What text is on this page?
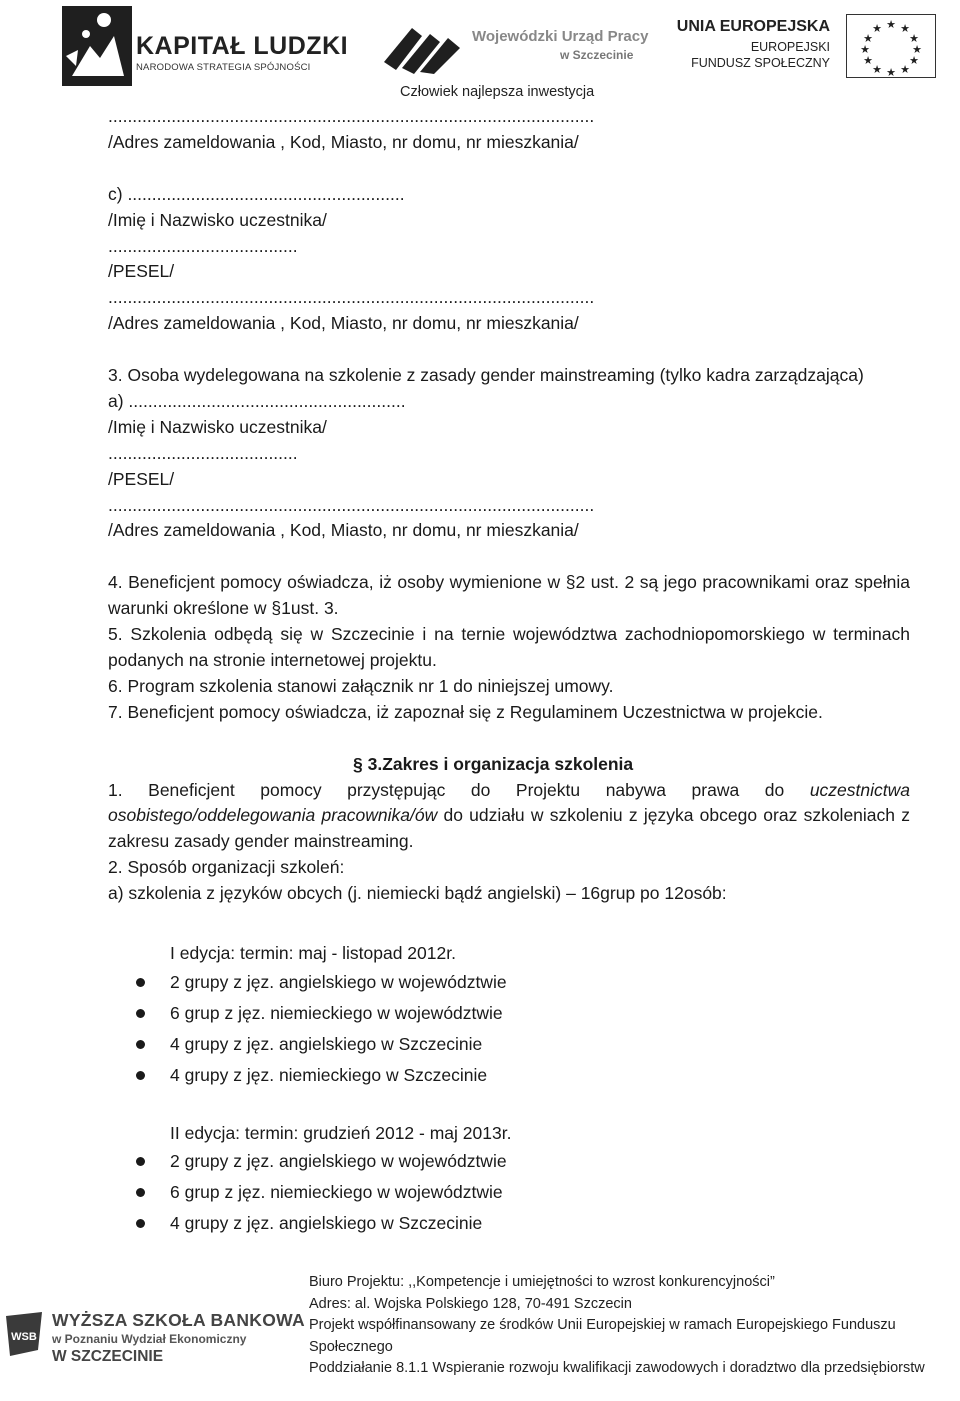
KAPITAŁ LUDZKI
NARODOWA STRATEGIA SPÓJNOŚCI
Wojewódzki Urząd Pracy
w Szczecinie
UNIA EUROPEJSKA
EUROPEJSKI
FUNDUSZ SPOŁECZNY
★ ★
★
★
★
★
★
★
★
★
★
★
Człowiek najlepsza inwestycja

....................................................................................................

/Adres zameldowania , Kod, Miasto, nr domu, nr mieszkania/

c) .........................................................

/Imię i Nazwisko uczestnika/

.......................................

/PESEL/

....................................................................................................

/Adres zameldowania , Kod, Miasto, nr domu, nr mieszkania/

3. Osoba wydelegowana na szkolenie z zasady gender mainstreaming (tylko kadra zarządzająca)

a) .........................................................

/Imię i Nazwisko uczestnika/

.......................................

/PESEL/

....................................................................................................

/Adres zameldowania , Kod, Miasto, nr domu, nr mieszkania/

4. Beneficjent pomocy oświadcza, iż osoby wymienione w §2 ust. 2 są jego pracownikami oraz spełnia warunki określone w §1ust. 3.

5. Szkolenia odbędą się w Szczecinie i na ternie województwa zachodniopomorskiego w terminach podanych na stronie internetowej projektu.

6. Program szkolenia stanowi załącznik nr 1 do niniejszej umowy.

7. Beneficjent pomocy oświadcza, iż zapoznał się z Regulaminem Uczestnictwa w projekcie.

§ 3.Zakres i organizacja szkolenia

1. Beneficjent pomocy przystępując do Projektu nabywa prawa do uczestnictwa osobistego/oddelegowania pracownika/ów do udziału w szkoleniu z języka obcego oraz szkoleniach z zakresu zasady gender mainstreaming.

2. Sposób organizacji szkoleń:

a) szkolenia z języków obcych (j. niemiecki bądź angielski) – 16grup po 12osób:

I edycja: termin: maj - listopad 2012r.

2 grupy z jęz. angielskiego w województwie
6 grup z jęz. niemieckiego w województwie
4 grupy z jęz. angielskiego w Szczecinie
4 grupy z jęz. niemieckiego w Szczecinie

II edycja: termin: grudzień 2012 - maj 2013r.

2 grupy z jęz. angielskiego w województwie
6 grup z jęz. niemieckiego w województwie
4 grupy z jęz. angielskiego w Szczecinie
WSB
WYŻSZA SZKOŁA BANKOWA
w Poznaniu Wydział Ekonomiczny
W SZCZECINIE
Biuro Projektu: ,,Kompetencje i umiejętności to wzrost konkurencyjności”
Adres: al. Wojska Polskiego 128, 70-491 Szczecin
Projekt współfinansowany ze środków Unii Europejskiej w ramach Europejskiego Funduszu Społecznego
Poddziałanie 8.1.1 Wspieranie rozwoju kwalifikacji zawodowych i doradztwo dla przedsiębiorstw
